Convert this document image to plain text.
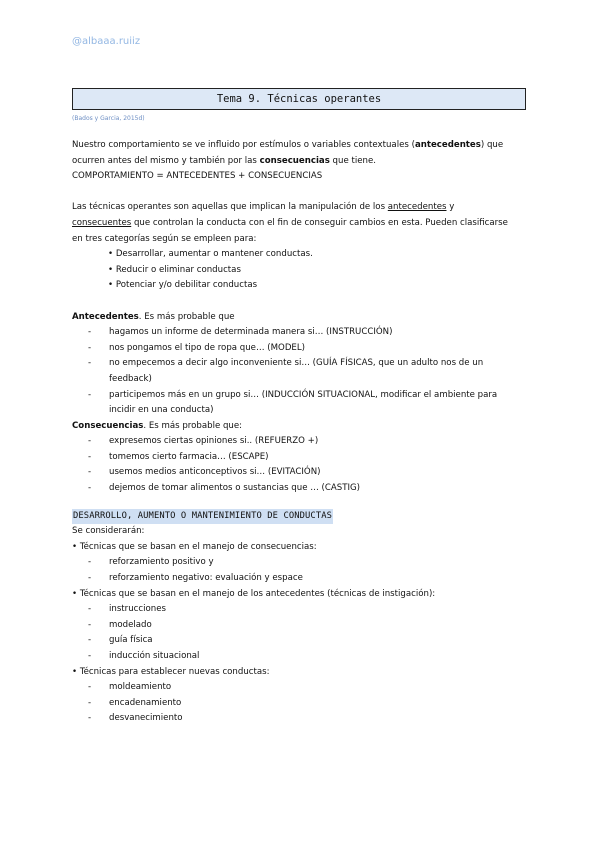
@albaaa.ruiiz
Tema 9. Técnicas operantes
(Bados y Garcia, 2015d)

Nuestro comportamiento se ve influido por estímulos o variables contextuales (antecedentes) que

ocurren antes del mismo y también por las consecuencias que tiene.

COMPORTAMIENTO = ANTECEDENTES + CONSECUENCIAS

Las técnicas operantes son aquellas que implican la manipulación de los antecedentes y

consecuentes que controlan la conducta con el fin de conseguir cambios en esta. Pueden clasificarse

en tres categorías según se empleen para:

• Desarrollar, aumentar o mantener conductas.
• Reducir o eliminar conductas
• Potenciar y/o debilitar conductas

Antecedentes. Es más probable que

- hagamos un informe de determinada manera si… (INSTRUCCIÓN)
- nos pongamos el tipo de ropa que… (MODEL)
- no empecemos a decir algo inconveniente si… (GUÍA FÍSICAS, que un adulto nos de un
feedback)
- participemos más en un grupo si… (INDUCCIÓN SITUACIONAL, modificar el ambiente para
incidir en una conducta)

Consecuencias. Es más probable que:

- expresemos ciertas opiniones si.. (REFUERZO +)
- tomemos cierto farmacia… (ESCAPE)
- usemos medios anticonceptivos si… (EVITACIÓN)
- dejemos de tomar alimentos o sustancias que … (CASTIG)

DESARROLLO, AUMENTO O MANTENIMIENTO DE CONDUCTAS

Se considerarán:

• Técnicas que se basan en el manejo de consecuencias:

- reforzamiento positivo y
- reforzamiento negativo: evaluación y espace

• Técnicas que se basan en el manejo de los antecedentes (técnicas de instigación):

- instrucciones
- modelado
- guía física
- inducción situacional

• Técnicas para establecer nuevas conductas:

- moldeamiento
- encadenamiento
- desvanecimiento
